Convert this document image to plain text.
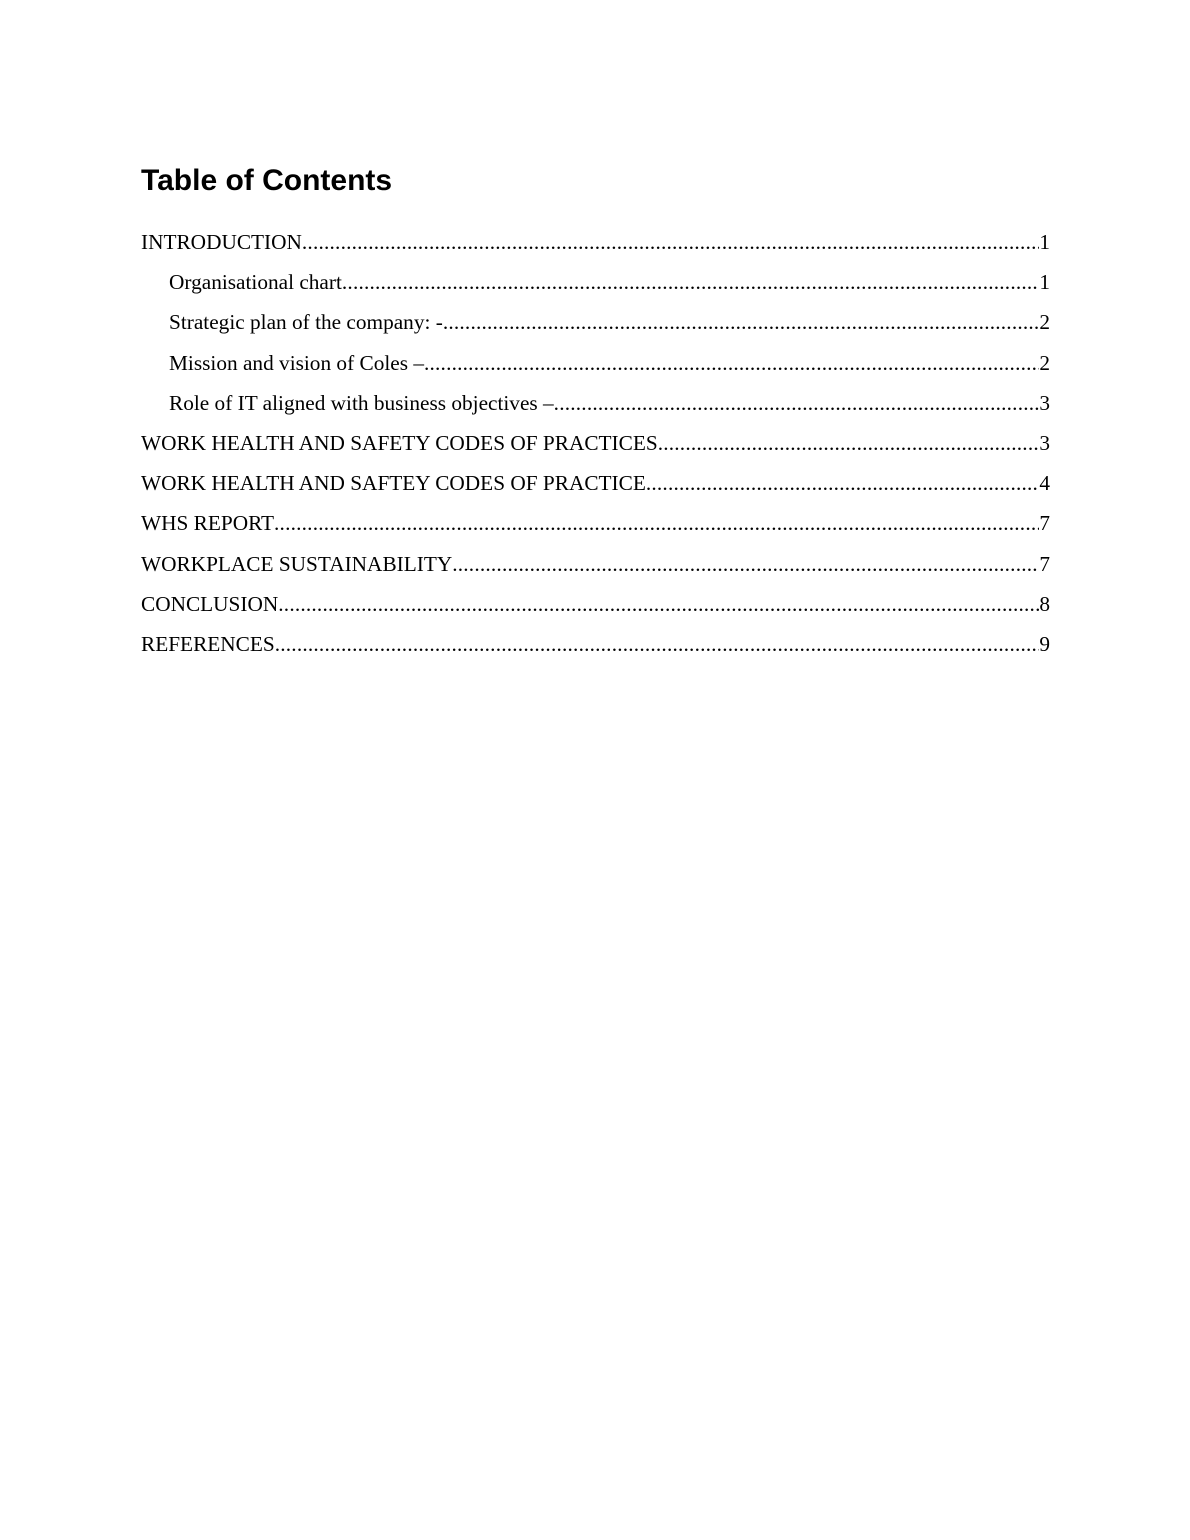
Table of Contents
INTRODUCTION .....	1
Organisational chart .....	1
Strategic plan of the company: - .....	2
Mission and vision of Coles – .....	2
Role of IT aligned with business objectives – .....	3
WORK HEALTH AND SAFETY CODES OF PRACTICES .....	3
WORK HEALTH AND SAFTEY CODES OF PRACTICE .....	4
WHS REPORT .....	7
WORKPLACE SUSTAINABILITY .....	7
CONCLUSION .....	8
REFERENCES .....	9
